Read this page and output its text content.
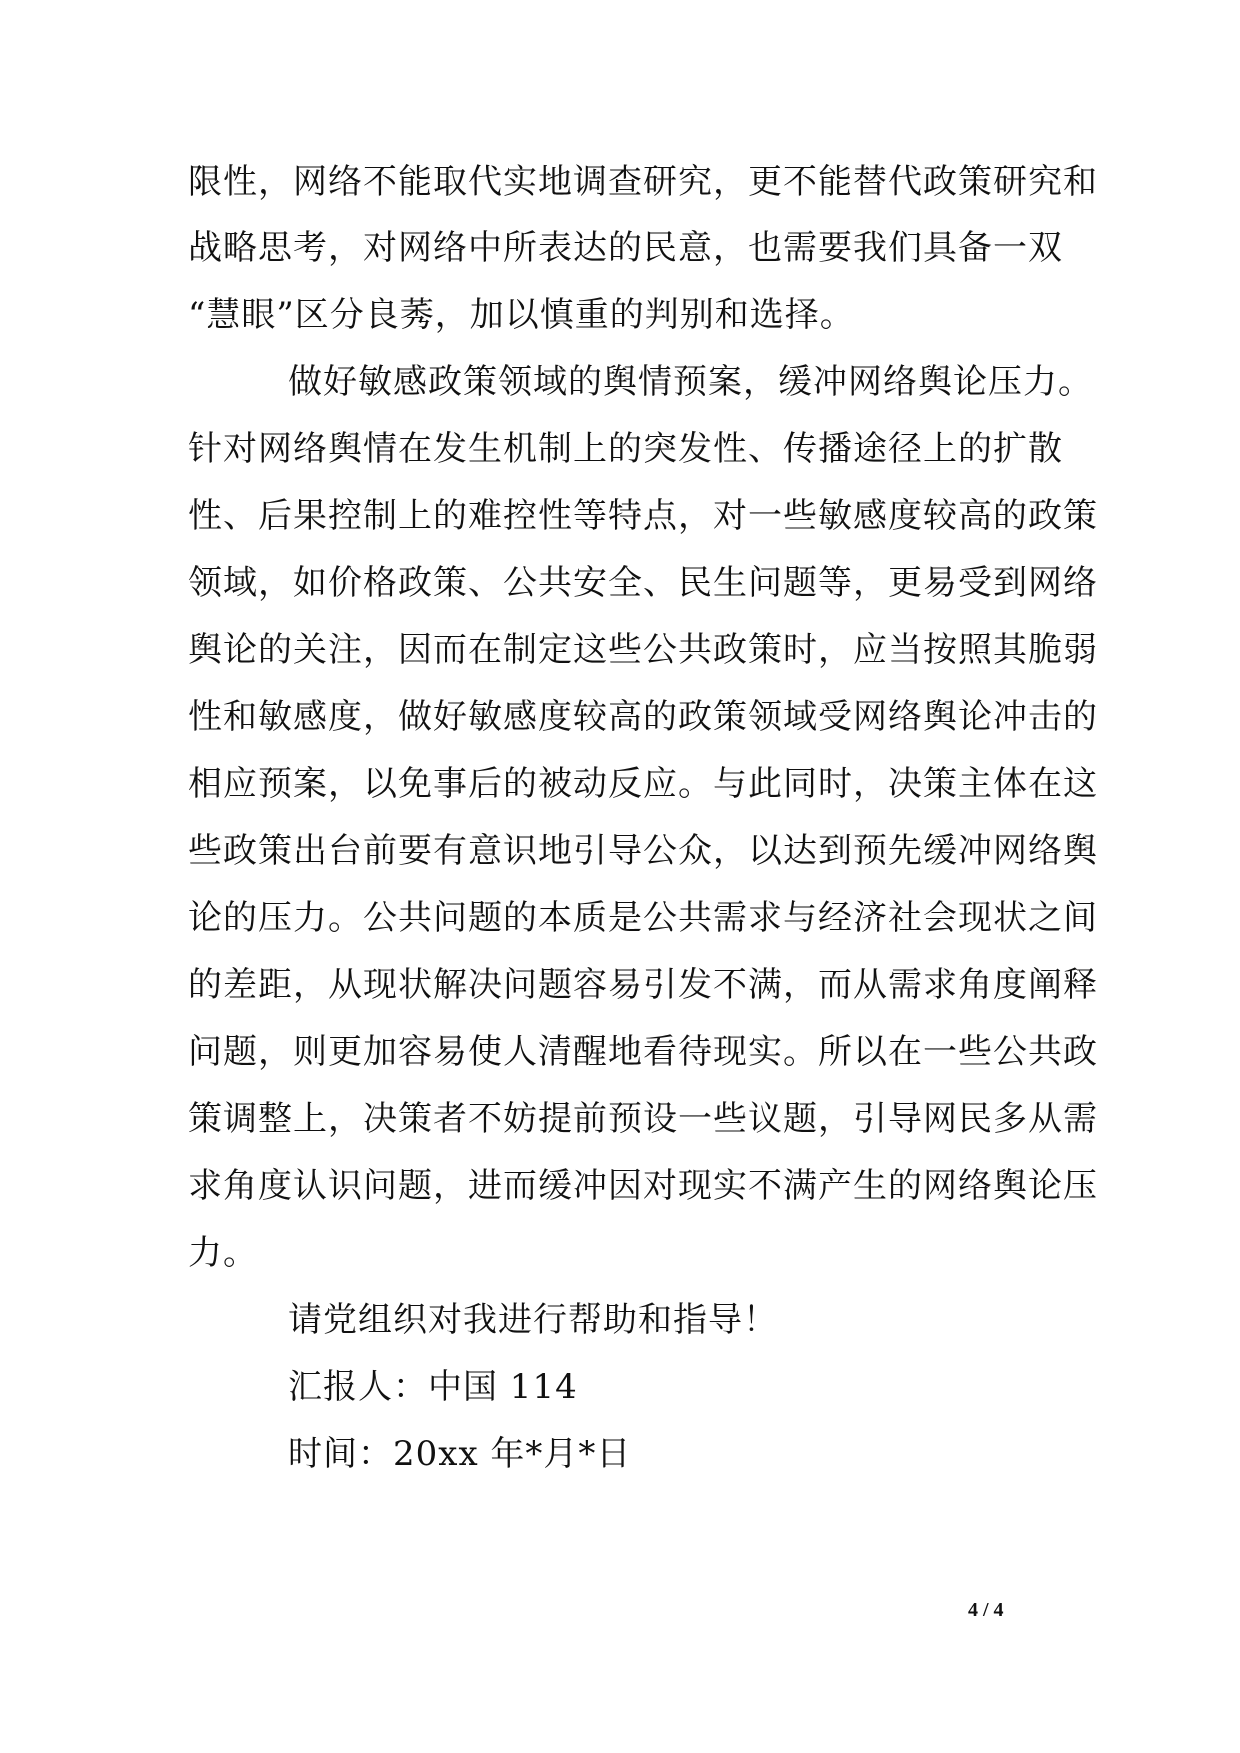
限性，网络不能取代实地调查研究，更不能替代政策研究和
战略思考，对网络中所表达的民意，也需要我们具备一双
“慧眼”区分良莠，加以慎重的判别和选择。
做好敏感政策领域的舆情预案，缓冲网络舆论压力。
针对网络舆情在发生机制上的突发性、传播途径上的扩散
性、后果控制上的难控性等特点，对一些敏感度较高的政策
领域，如价格政策、公共安全、民生问题等，更易受到网络
舆论的关注，因而在制定这些公共政策时，应当按照其脆弱
性和敏感度，做好敏感度较高的政策领域受网络舆论冲击的
相应预案，以免事后的被动反应。与此同时，决策主体在这
些政策出台前要有意识地引导公众，以达到预先缓冲网络舆
论的压力。公共问题的本质是公共需求与经济社会现状之间
的差距，从现状解决问题容易引发不满，而从需求角度阐释
问题，则更加容易使人清醒地看待现实。所以在一些公共政
策调整上，决策者不妨提前预设一些议题，引导网民多从需
求角度认识问题，进而缓冲因对现实不满产生的网络舆论压
力。
请党组织对我进行帮助和指导！
汇报人：中国 114
时间：20xx 年*月*日
4 / 4
